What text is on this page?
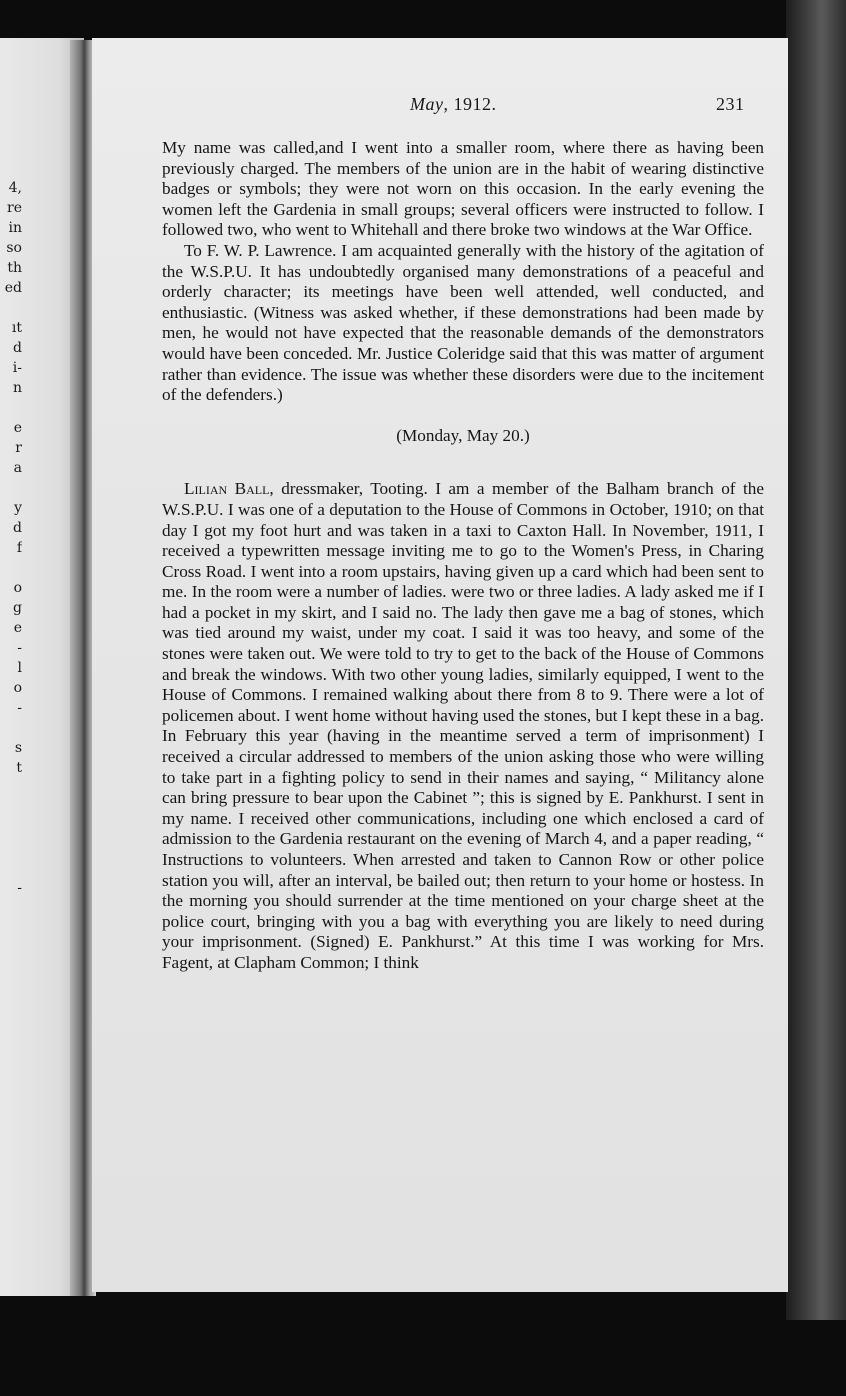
4,
re
in
so
th
ed
ıt
d
i-
n
e
r
a
y
d
f
o
g
e
-
l
o
-
s
t
-
May, 1912.	231

My name was called,and I went into a smaller room, where there as having been previously charged. The members of the union are in the habit of wearing distinctive badges or symbols; they were not worn on this occasion. In the early evening the women left the Gardenia in small groups; several officers were instructed to follow. I followed two, who went to Whitehall and there broke two windows at the War Office.

To F. W. P. Lawrence. I am acquainted generally with the history of the agitation of the W.S.P.U. It has undoubtedly organised many demonstrations of a peaceful and orderly character; its meetings have been well attended, well conducted, and enthusiastic. (Witness was asked whether, if these demonstrations had been made by men, he would not have expected that the reasonable demands of the demonstrators would have been conceded. Mr. Justice Coleridge said that this was matter of argument rather than evidence. The issue was whether these disorders were due to the incitement of the defenders.)

(Monday, May 20.)

Lilian Ball, dressmaker, Tooting. I am a member of the Balham branch of the W.S.P.U. I was one of a deputation to the House of Commons in October, 1910; on that day I got my foot hurt and was taken in a taxi to Caxton Hall. In November, 1911, I received a typewritten message inviting me to go to the Women's Press, in Charing Cross Road. I went into a room upstairs, having given up a card which had been sent to me. In the room were a number of ladies. were two or three ladies. A lady asked me if I had a pocket in my skirt, and I said no. The lady then gave me a bag of stones, which was tied around my waist, under my coat. I said it was too heavy, and some of the stones were taken out. We were told to try to get to the back of the House of Commons and break the windows. With two other young ladies, similarly equipped, I went to the House of Commons. I remained walking about there from 8 to 9. There were a lot of policemen about. I went home without having used the stones, but I kept these in a bag. In February this year (having in the meantime served a term of imprisonment) I received a circular addressed to members of the union asking those who were willing to take part in a fighting policy to send in their names and saying, “ Militancy alone can bring pressure to bear upon the Cabinet ”; this is signed by E. Pankhurst. I sent in my name. I received other communications, including one which enclosed a card of admission to the Gardenia restaurant on the evening of March 4, and a paper reading, “ Instructions to volunteers. When arrested and taken to Cannon Row or other police station you will, after an interval, be bailed out; then return to your home or hostess. In the morning you should surrender at the time mentioned on your charge sheet at the police court, bringing with you a bag with everything you are likely to need during your imprisonment. (Signed) E. Pankhurst.” At this time I was working for Mrs. Fagent, at Clapham Common; I think
